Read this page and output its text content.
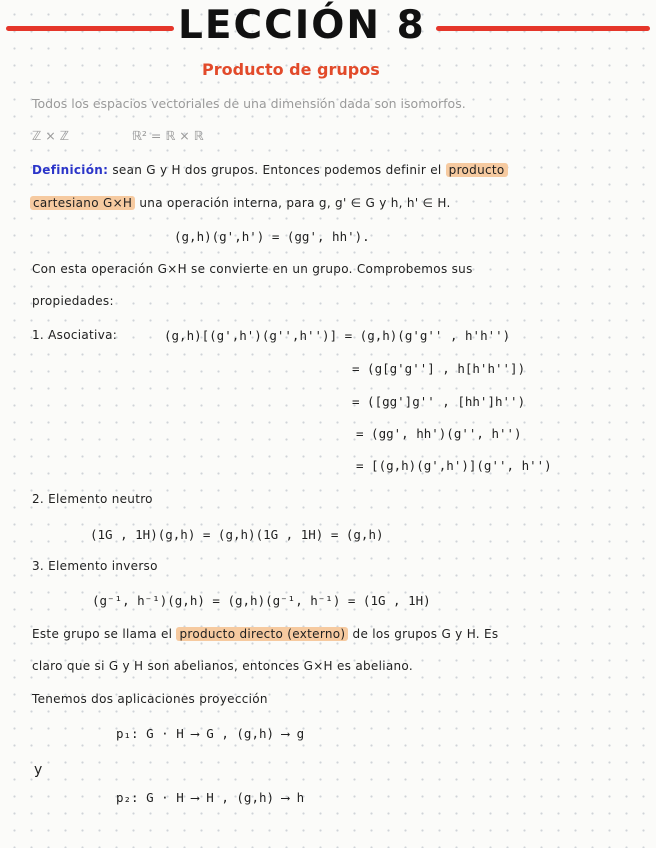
LECCIÓN 8
Producto de grupos
Todos los espacios vectoriales de una dimensión dada son isomorfos.
ℤ × ℤ	ℝ² = ℝ × ℝ
Definición: sean G y H dos grupos. Entonces podemos definir el producto
cartesiano G×H una operación interna, para g, g' ∈ G y h, h' ∈ H.
(g,h)(g',h') = (gg', hh').
Con esta operación G×H se convierte en un grupo. Comprobemos sus
propiedades:
1. Asociativa:	(g,h)[(g',h')(g'',h'')] = (g,h)(g'g'' , h'h'')
= (g[g'g''] , h[h'h''])
= ([gg']g'' , [hh']h'')
= (gg', hh')(g'', h'')
= [(g,h)(g',h')](g'', h'')
2. Elemento neutro
(1G , 1H)(g,h) = (g,h)(1G , 1H) = (g,h)
3. Elemento inverso
(g⁻¹, h⁻¹)(g,h) = (g,h)(g⁻¹, h⁻¹) = (1G , 1H)
Este grupo se llama el producto directo (externo) de los grupos G y H. Es
claro que si G y H son abelianos, entonces G×H es abeliano.
Tenemos dos aplicaciones proyección
p₁: G · H ⟶ G , (g,h) ⟶ g
y
p₂: G · H ⟶ H , (g,h) ⟶ h
